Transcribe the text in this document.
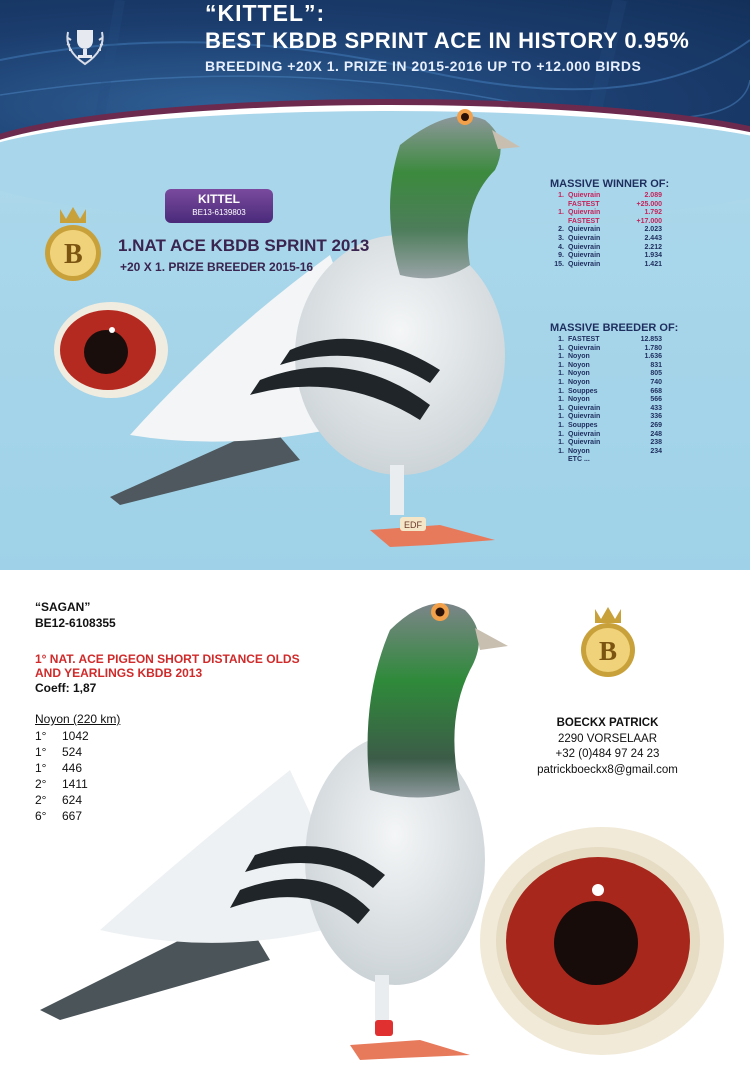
“KITTEL”:
BEST KBDB SPRINT ACE IN HISTORY 0.95%
BREEDING +20X 1. PRIZE IN 2015-2016 UP TO +12.000 BIRDS
EDF
KITTEL
BE13-6139803
B 1.NAT ACE KBDB SPRINT 2013
+20 X 1. PRIZE BREEDER 2015-16
MASSIVE WINNER OF:
1. Quievrain	2.089
FASTEST	+25.000
1. Quievrain	1.792
FASTEST	+17.000
2. Quievrain	2.023
3. Quievrain	2.443
4. Quievrain	2.212
9. Quievrain	1.934
15. Quievrain	1.421
MASSIVE BREEDER OF:
1. FASTEST	12.853
1. Quievrain	1.780
1. Noyon	1.636
1. Noyon	831
1. Noyon	805
1. Noyon	740
1. Souppes	668
1. Noyon	566
1. Quievrain	433
1. Quievrain	336
1. Souppes	269
1. Quievrain	248
1. Quievrain	238
1. Noyon	234
ETC ...
“SAGAN”
BE12-6108355
1° NAT. ACE PIGEON SHORT DISTANCE OLDS
AND YEARLINGS KBDB 2013
Coeff: 1,87
Noyon (220 km)
1°	1042
1°	524
1°	446
2°	1411
2°	624
6°	667
B
BOECKX PATRICK
2290 VORSELAAR
+32 (0)484 97 24 23
patrickboeckx8@gmail.com
